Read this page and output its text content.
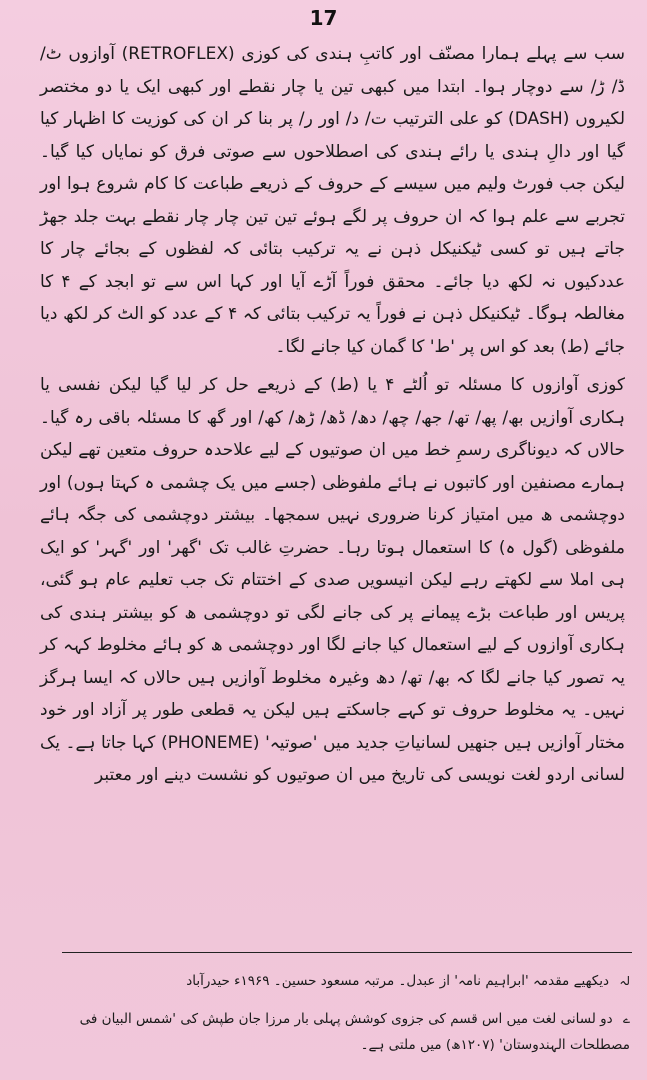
17

سب سے پہلے ہمارا مصنّف اور کاتبِ ہندی کی کوزی (RETROFLEX) آوازوں ٹ/ ڈ/ ڑ/ سے دوچار ہوا۔ ابتدا میں کبھی تین یا چار نقطے اور کبھی ایک یا دو مختصر لکیروں (DASH) کو علی الترتیب ت/ د/ اور ر/ پر بنا کر ان کی کوزیت کا اظہار کیا گیا اور دالِ ہندی یا رائے ہندی کی اصطلاحوں سے صوتی فرق کو نمایاں کیا گیا۔ لیکن جب فورٹ ولیم میں سیسے کے حروف کے ذریعے طباعت کا کام شروع ہوا اور تجربے سے علم ہوا کہ ان حروف پر لگے ہوئے تین تین چار چار نقطے بہت جلد جھڑ جاتے ہیں تو کسی ٹیکنیکل ذہن نے یہ ترکیب بتائی کہ لفظوں کے بجائے چار کا عددکیوں نہ لکھ دیا جائے۔ محقق فوراً آڑے آیا اور کہا اس سے تو ابجد کے ۴ کا مغالطہ ہوگا۔ ٹیکنیکل ذہن نے فوراً یہ ترکیب بتائی کہ ۴ کے عدد کو الٹ کر لکھ دیا جائے (ط) بعد کو اس پر 'ط' کا گمان کیا جانے لگا۔

کوزی آوازوں کا مسئلہ تو اُلٹے ۴ یا (ط) کے ذریعے حل کر لیا گیا لیکن نفسی یا ہکاری آوازیں بھ/ پھ/ تھ/ جھ/ چھ/ دھ/ ڈھ/ ڑھ/ کھ/ اور گھ کا مسئلہ باقی رہ گیا۔ حالاں کہ دیوناگری رسمِ خط میں ان صوتیوں کے لیے علاحدہ حروف متعین تھے لیکن ہمارے مصنفین اور کاتبوں نے ہائے ملفوظی (جسے میں یک چشمی ہ کہتا ہوں) اور دوچشمی ھ میں امتیاز کرنا ضروری نہیں سمجھا۔ بیشتر دوچشمی کی جگہ ہائے ملفوظی (گول ہ) کا استعمال ہوتا رہا۔ حضرتِ غالب تک 'گھر' اور 'گہر' کو ایک ہی املا سے لکھتے رہے لیکن انیسویں صدی کے اختتام تک جب تعلیم عام ہو گئی، پریس اور طباعت بڑے پیمانے پر کی جانے لگی تو دوچشمی ھ کو بیشتر ہندی کی ہکاری آوازوں کے لیے استعمال کیا جانے لگا اور دوچشمی ھ کو ہائے مخلوط کہہ کر یہ تصور کیا جانے لگا کہ بھ/ تھ/ دھ وغیرہ مخلوط آوازیں ہیں حالاں کہ ایسا ہرگز نہیں۔ یہ مخلوط حروف تو کہے جاسکتے ہیں لیکن یہ قطعی طور پر آزاد اور خود مختار آوازیں ہیں جنھیں لسانیاتِ جدید میں 'صوتیہ' (PHONEME) کہا جاتا ہے۔ یک لسانی اردو لغت نویسی کی تاریخ میں ان صوتیوں کو نشست دینے اور معتبر

لہ دیکھیے مقدمہ 'ابراہیم نامہ' از عبدل۔ مرتبہ مسعود حسین۔ ۱۹۶۹ء حیدرآباد

ے دو لسانی لغت میں اس قسم کی جزوی کوشش پہلی بار مرزا جان طپش کی 'شمس البیان فی مصطلحات الہندوستان' (۱۲۰۷ھ) میں ملتی ہے۔
